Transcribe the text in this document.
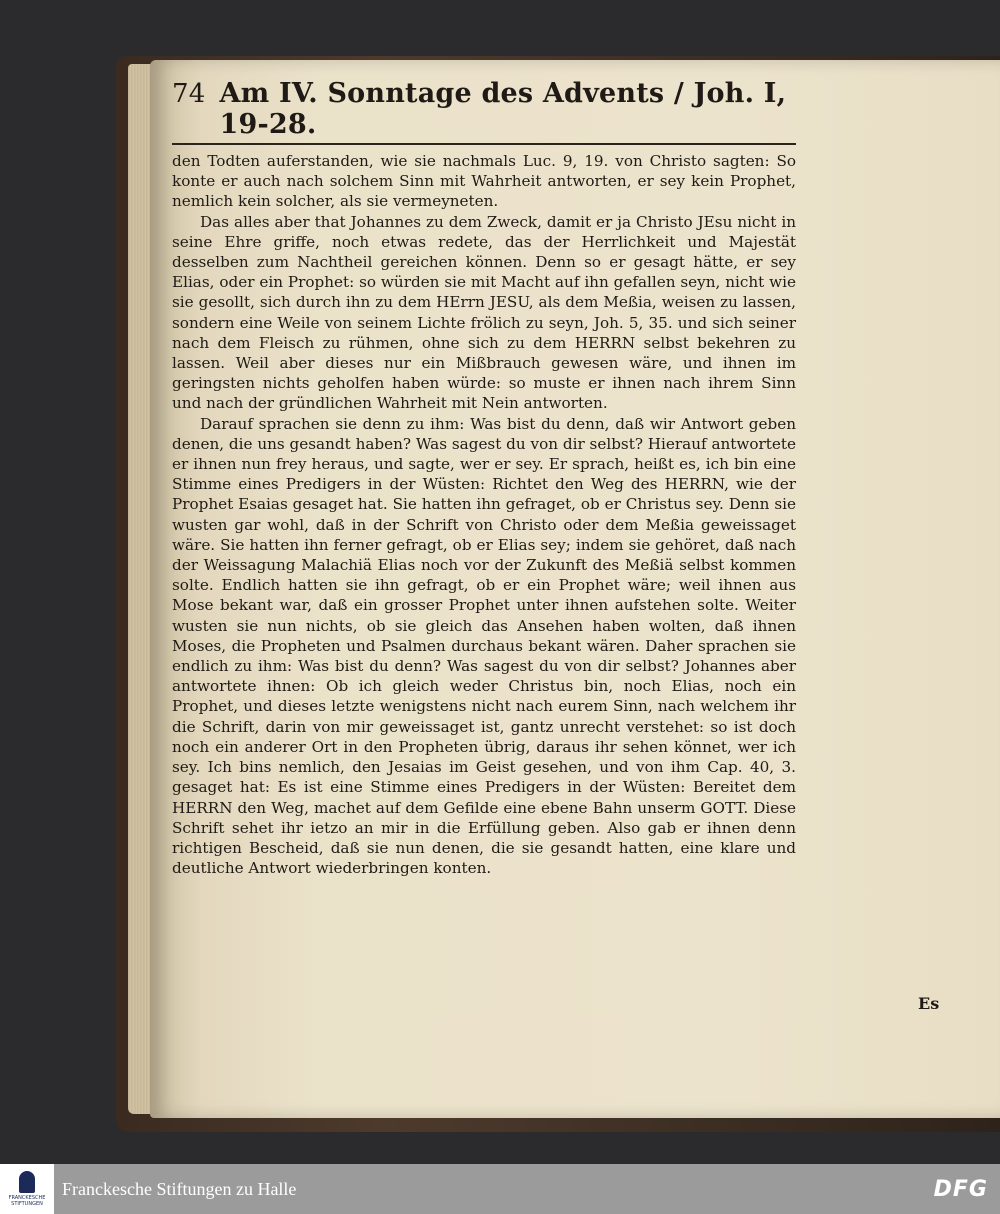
74 Am IV. Sonntage des Advents / Joh. I, 19-28.

den Todten auferstanden, wie sie nachmals Luc. 9, 19. von Christo sagten: So konte er auch nach solchem Sinn mit Wahrheit antworten, er sey kein Prophet, nemlich kein solcher, als sie vermeyneten.

Das alles aber that Johannes zu dem Zweck, damit er ja Christo JEsu nicht in seine Ehre griffe, noch etwas redete, das der Herrlichkeit und Majestät desselben zum Nachtheil gereichen können. Denn so er gesagt hätte, er sey Elias, oder ein Prophet: so würden sie mit Macht auf ihn gefallen seyn, nicht wie sie gesollt, sich durch ihn zu dem HErrn JESU, als dem Meßia, weisen zu lassen, sondern eine Weile von seinem Lichte frölich zu seyn, Joh. 5, 35. und sich seiner nach dem Fleisch zu rühmen, ohne sich zu dem HERRN selbst bekehren zu lassen. Weil aber dieses nur ein Mißbrauch gewesen wäre, und ihnen im geringsten nichts geholfen haben würde: so muste er ihnen nach ihrem Sinn und nach der gründlichen Wahrheit mit Nein antworten.

Darauf sprachen sie denn zu ihm: Was bist du denn, daß wir Antwort geben denen, die uns gesandt haben? Was sagest du von dir selbst? Hierauf antwortete er ihnen nun frey heraus, und sagte, wer er sey. Er sprach, heißt es, ich bin eine Stimme eines Predigers in der Wüsten: Richtet den Weg des HERRN, wie der Prophet Esaias gesaget hat. Sie hatten ihn gefraget, ob er Christus sey. Denn sie wusten gar wohl, daß in der Schrift von Christo oder dem Meßia geweissaget wäre. Sie hatten ihn ferner gefragt, ob er Elias sey; indem sie gehöret, daß nach der Weissagung Malachiä Elias noch vor der Zukunft des Meßiä selbst kommen solte. Endlich hatten sie ihn gefragt, ob er ein Prophet wäre; weil ihnen aus Mose bekant war, daß ein grosser Prophet unter ihnen aufstehen solte. Weiter wusten sie nun nichts, ob sie gleich das Ansehen haben wolten, daß ihnen Moses, die Propheten und Psalmen durchaus bekant wären. Daher sprachen sie endlich zu ihm: Was bist du denn? Was sagest du von dir selbst? Johannes aber antwortete ihnen: Ob ich gleich weder Christus bin, noch Elias, noch ein Prophet, und dieses letzte wenigstens nicht nach eurem Sinn, nach welchem ihr die Schrift, darin von mir geweissaget ist, gantz unrecht verstehet: so ist doch noch ein anderer Ort in den Propheten übrig, daraus ihr sehen könnet, wer ich sey. Ich bins nemlich, den Jesaias im Geist gesehen, und von ihm Cap. 40, 3. gesaget hat: Es ist eine Stimme eines Predigers in der Wüsten: Bereitet dem HERRN den Weg, machet auf dem Gefilde eine ebene Bahn unserm GOTT. Diese Schrift sehet ihr ietzo an mir in die Erfüllung geben. Also gab er ihnen denn richtigen Bescheid, daß sie nun denen, die sie gesandt hatten, eine klare und deutliche Antwort wiederbringen konten.

Es
FRANCKESCHE STIFTUNGEN
Franckesche Stiftungen zu Halle	DFG
